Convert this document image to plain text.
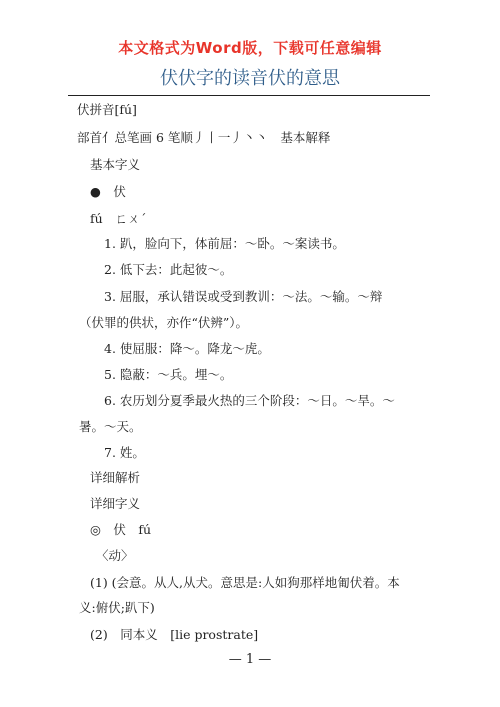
本文格式为Word版，下载可任意编辑
伏伏字的读音伏的意思
伏拼音[fú]
部首亻总笔画 6 笔顺丿丨一丿丶丶　基本解释
基本字义
●　伏
fú　ㄈㄨˊ
1. 趴，脸向下，体前屈：～卧。～案读书。
2. 低下去：此起彼～。
3. 屈服，承认错误或受到教训：～法。～输。～辩
（伏罪的供状，亦作“伏辨”）。
4. 使屈服：降～。降龙～虎。
5. 隐蔽：～兵。埋～。
6. 农历划分夏季最火热的三个阶段：～日。～旱。～
暑。～天。
7. 姓。
详细解析
详细字义
◎　伏　fú
〈动〉
(1) (会意。从人,从犬。意思是:人如狗那样地匍伏着。本
义:俯伏;趴下)
(2)　同本义　[lie prostrate]
— 1 —
